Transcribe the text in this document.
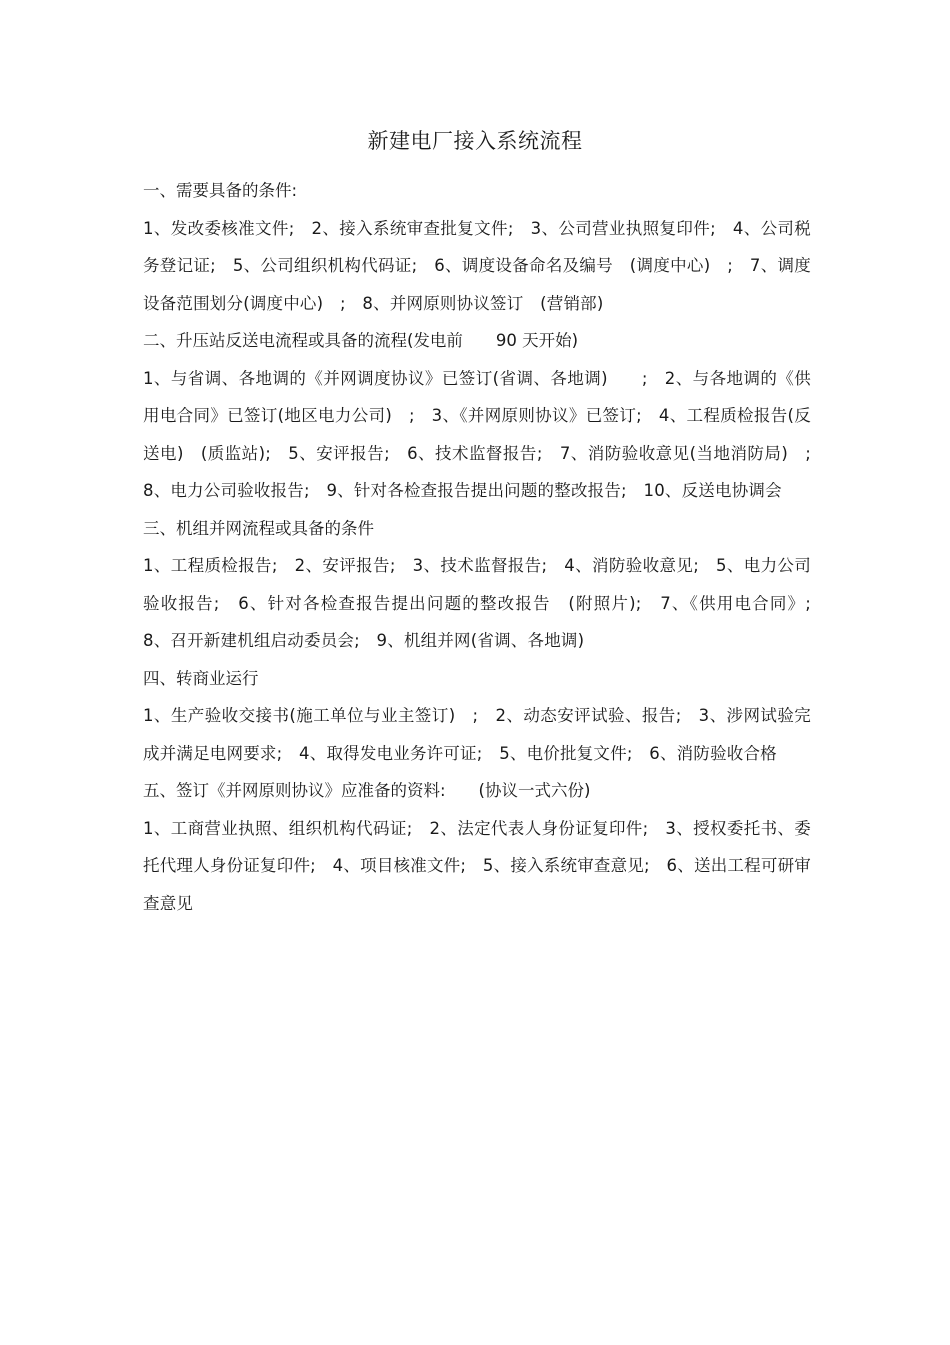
新建电厂接入系统流程

一、需要具备的条件:

1、发改委核准文件;　2、接入系统审查批复文件;　3、公司营业执照复印件;　4、公司税务登记证;　5、公司组织机构代码证;　6、调度设备命名及编号　(调度中心)　;　7、调度设备范围划分(调度中心)　;　8、并网原则协议签订　(营销部)

二、升压站反送电流程或具备的流程(发电前　　90 天开始)

1、与省调、各地调的《并网调度协议》已签订(省调、各地调)　　;　2、与各地调的《供用电合同》已签订(地区电力公司)　;　3、《并网原则协议》已签订;　4、工程质检报告(反送电)　(质监站);　5、安评报告;　6、技术监督报告;　7、消防验收意见(当地消防局)　;　8、电力公司验收报告;　9、针对各检查报告提出问题的整改报告;　10、反送电协调会

三、机组并网流程或具备的条件

1、工程质检报告;　2、安评报告;　3、技术监督报告;　4、消防验收意见;　5、电力公司验收报告;　6、针对各检查报告提出问题的整改报告　(附照片);　7、《供用电合同》;　8、召开新建机组启动委员会;　9、机组并网(省调、各地调)

四、转商业运行

1、生产验收交接书(施工单位与业主签订)　;　2、动态安评试验、报告;　3、涉网试验完成并满足电网要求;　4、取得发电业务许可证;　5、电价批复文件;　6、消防验收合格

五、签订《并网原则协议》应准备的资料:　　(协议一式六份)

1、工商营业执照、组织机构代码证;　2、法定代表人身份证复印件;　3、授权委托书、委托代理人身份证复印件;　4、项目核准文件;　5、接入系统审查意见;　6、送出工程可研审查意见
